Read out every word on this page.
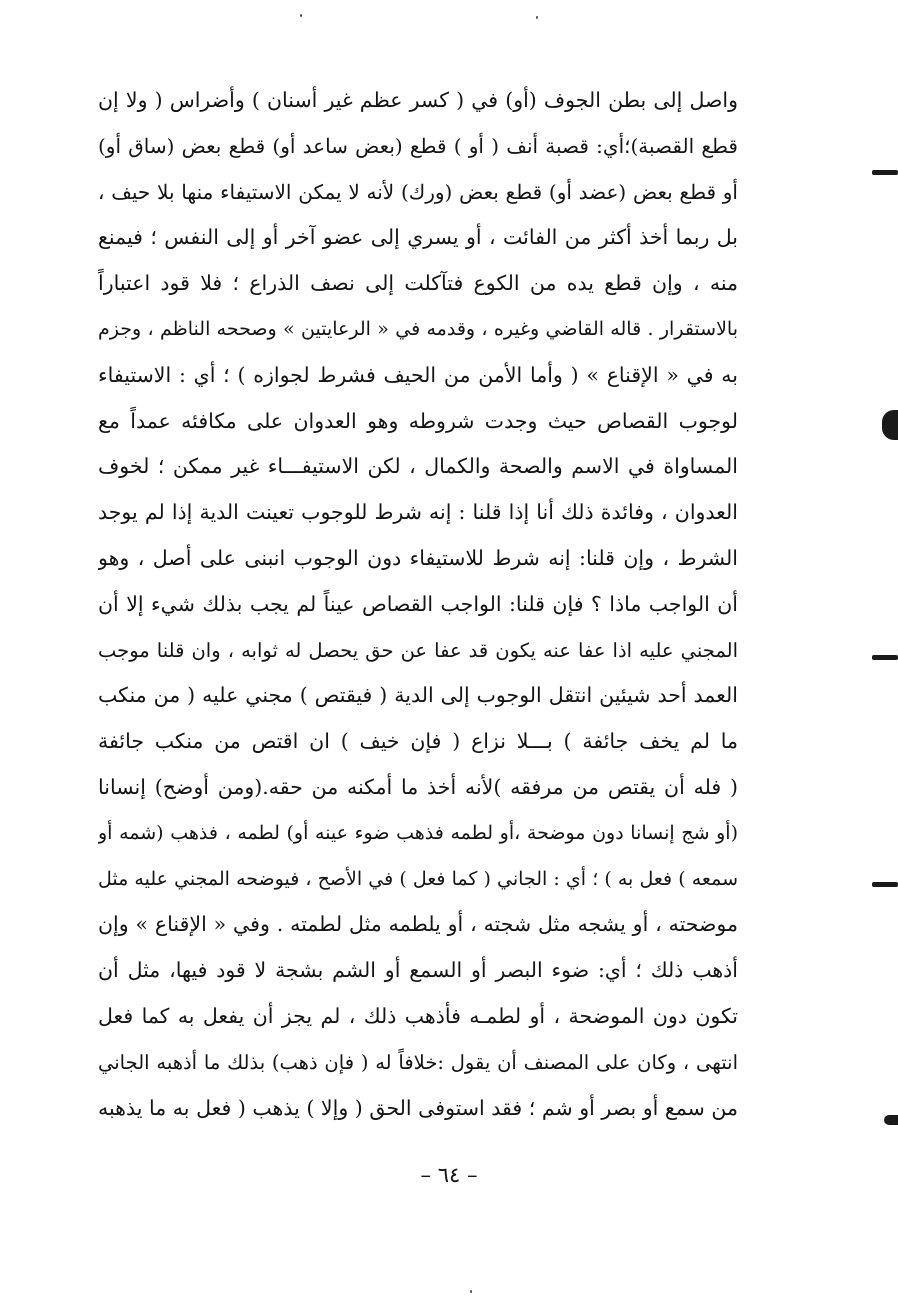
واصل إلى بطن الجوف (أو) في ( كسر عظم غير أسنان ) وأضراس ( ولا إن
قطع القصبة)؛أي: قصبة أنف ( أو ) قطع (بعض ساعد أو) قطع بعض (ساق أو)
أو قطع بعض (عضد أو) قطع بعض (ورك) لأنه لا يمكن الاستيفاء منها بلا حيف ،
بل ربما أخذ أكثر من الفائت ، أو يسري إلى عضو آخر أو إلى النفس ؛ فيمنع
منه ، وإن قطع يده من الكوع فتآكلت إلى نصف الذراع ؛ فلا قود اعتباراً
بالاستقرار . قاله القاضي وغيره ، وقدمه في « الرعايتين » وصححه الناظم ، وجزم
به في « الإقناع » ( وأما الأمن من الحيف فشرط لجوازه ) ؛ أي : الاستيفاء
لوجوب القصاص حيث وجدت شروطه وهو العدوان على مكافئه عمداً مع
المساواة في الاسم والصحة والكمال ، لكن الاستيفـــاء غير ممكن ؛ لخوف
العدوان ، وفائدة ذلك أنا إذا قلنا : إنه شرط للوجوب تعينت الدية إذا لم يوجد
الشرط ، وإن قلنا: إنه شرط للاستيفاء دون الوجوب انبنى على أصل ، وهو
أن الواجب ماذا ؟ فإن قلنا: الواجب القصاص عيناً لم يجب بذلك شيء إلا أن
المجني عليه اذا عفا عنه يكون قد عفا عن حق يحصل له ثوابه ، وان قلنا موجب
العمد أحد شيئين انتقل الوجوب إلى الدية ( فيقتص ) مجني عليه ( من منكب
ما لم يخف جائفة ) بـــلا نزاع ( فإن خيف ) ان اقتص من منكب جائفة
( فله أن يقتص من مرفقه )لأنه أخذ ما أمكنه من حقه.(ومن أوضح) إنسانا
(أو شج إنسانا دون موضحة ،أو لطمه فذهب ضوء عينه أو) لطمه ، فذهب (شمه أو
سمعه ) فعل به ) ؛ أي : الجاني ( كما فعل ) في الأصح ، فيوضحه المجني عليه مثل
موضحته ، أو يشجه مثل شجته ، أو يلطمه مثل لطمته . وفي « الإقناع » وإن
أذهب ذلك ؛ أي: ضوء البصر أو السمع أو الشم بشجة لا قود فيها، مثل أن
تكون دون الموضحة ، أو لطمـه فأذهب ذلك ، لم يجز أن يفعل به كما فعل
انتهى ، وكان على المصنف أن يقول :خلافاً له ( فإن ذهب) بذلك ما أذهبه الجاني
من سمع أو بصر أو شم ؛ فقد استوفى الحق ( وإلا ) يذهب ( فعل به ما يذهبه
– ٦٤ –
